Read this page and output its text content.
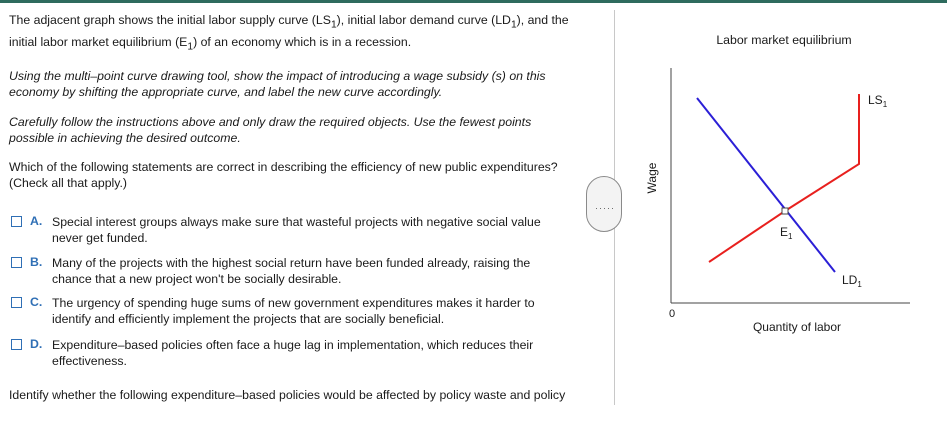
The adjacent graph shows the initial labor supply curve $(LS_1)$, initial labor demand curve $(LD_1)$, and the

initial labor market equilibrium $(E_1)$ of an economy which is in a recession.

Using the multi–point curve drawing tool, show the impact of introducing a wage subsidy (s) on this

economy by shifting the appropriate curve, and label the new curve accordingly.

Carefully follow the instructions above and only draw the required objects. Use the fewest points

possible in achieving the desired outcome.

Which of the following statements are correct in describing the efficiency of new public expenditures?

(Check all that apply.)

A. Special interest groups always make sure that wasteful projects with negative social value
never get funded.
B. Many of the projects with the highest social return have been funded already, raising the
chance that a new project won't be socially desirable.
C. The urgency of spending huge sums of new government expenditures makes it harder to
identify and efficiently implement the projects that are socially beneficial.
D. Expenditure–based policies often face a huge lag in implementation, which reduces their
effectiveness.

Identify whether the following expenditure–based policies would be affected by policy waste and policy

·····
Labor market equilibrium
Wage
0
Quantity of labor
$LS_1$
$LD_1$
$E_1$
